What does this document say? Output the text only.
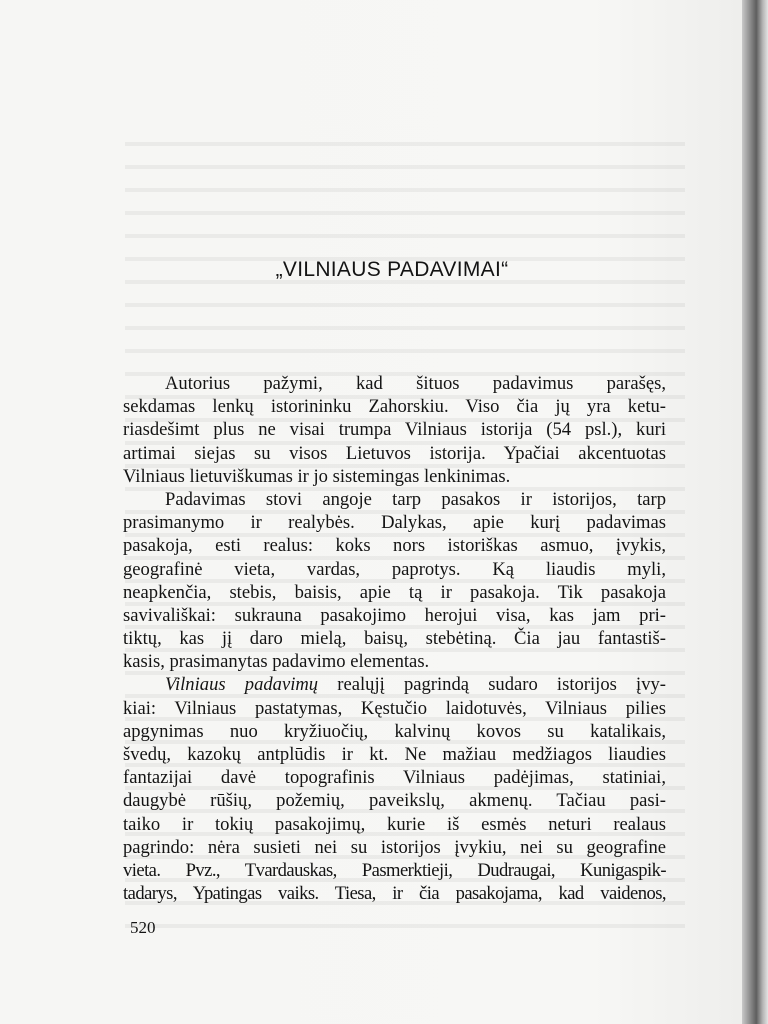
„VILNIAUS PADAVIMAI“
Autorius pažymi, kad šituos padavimus parašęs,
sekdamas lenkų istorininku Zahorskiu. Viso čia jų yra ketu-
riasdešimt plus ne visai trumpa Vilniaus istorija (54 psl.), kuri
artimai siejas su visos Lietuvos istorija. Ypačiai akcentuotas
Vilniaus lietuviškumas ir jo sistemingas lenkinimas.
Padavimas stovi angoje tarp pasakos ir istorijos, tarp
prasimanymo ir realybės. Dalykas, apie kurį padavimas
pasakoja, esti realus: koks nors istoriškas asmuo, įvykis,
geografinė vieta, vardas, paprotys. Ką liaudis myli,
neapkenčia, stebis, baisis, apie tą ir pasakoja. Tik pasakoja
savivališkai: sukrauna pasakojimo herojui visa, kas jam pri-
tiktų, kas jį daro mielą, baisų, stebėtiną. Čia jau fantastiš-
kasis, prasimanytas padavimo elementas.
Vilniaus padavimų realųjį pagrindą sudaro istorijos įvy-
kiai: Vilniaus pastatymas, Kęstučio laidotuvės, Vilniaus pilies
apgynimas nuo kryžiuočių, kalvinų kovos su katalikais,
švedų, kazokų antplūdis ir kt. Ne mažiau medžiagos liaudies
fantazijai davė topografinis Vilniaus padėjimas, statiniai,
daugybė rūšių, požemių, paveikslų, akmenų. Tačiau pasi-
taiko ir tokių pasakojimų, kurie iš esmės neturi realaus
pagrindo: nėra susieti nei su istorijos įvykiu, nei su geografine
vieta. Pvz., Tvardauskas, Pasmerktieji, Dudraugai, Kunigaspik-
tadarys, Ypatingas vaiks. Tiesa, ir čia pasakojama, kad vaidenos,

520
